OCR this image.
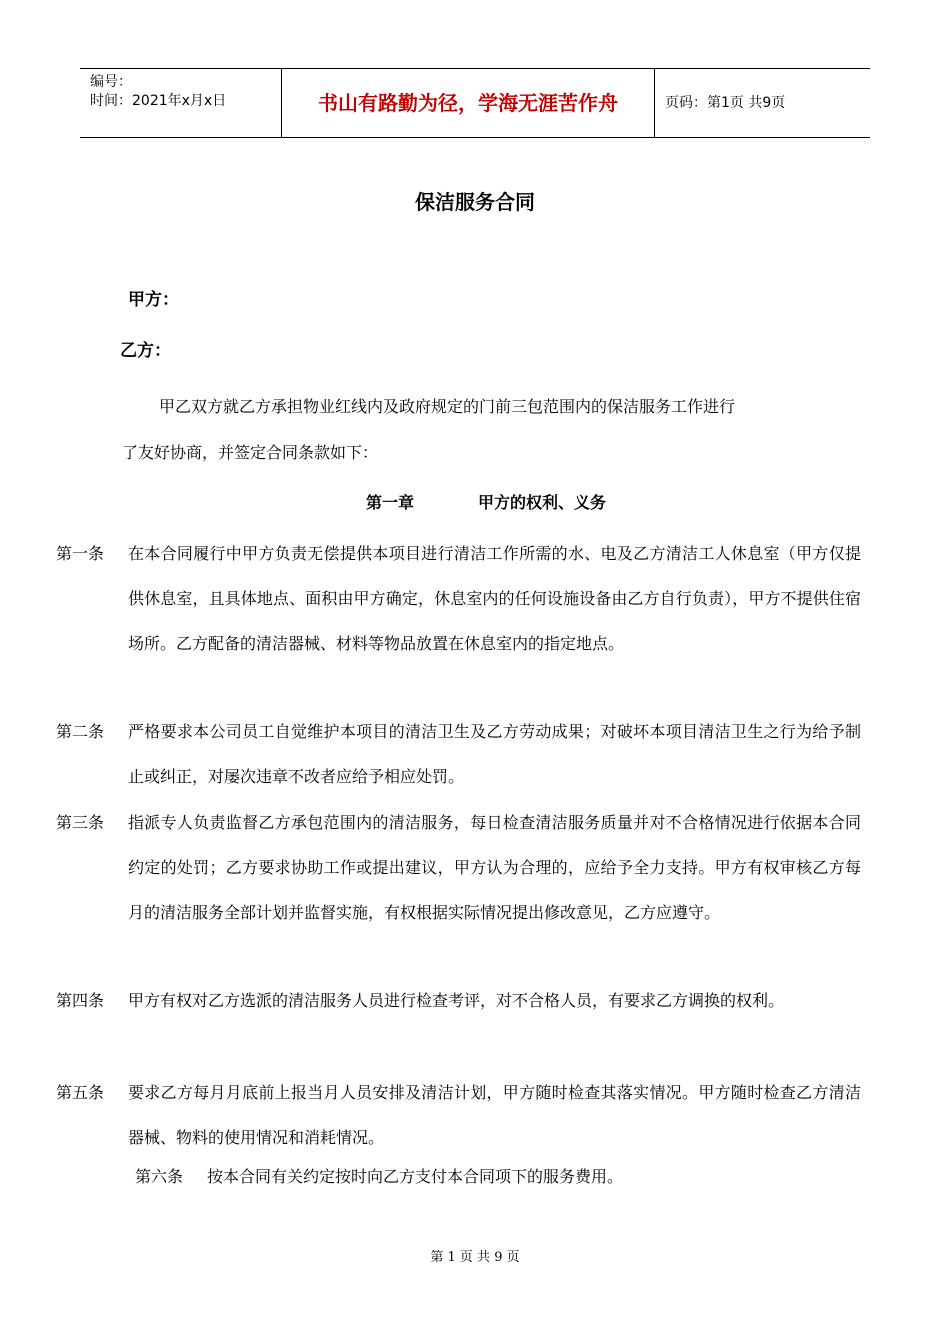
编号：
时间：2021年x月x日	书山有路勤为径，学海无涯苦作舟	页码：第1页 共9页
保洁服务合同
甲方：
乙方：
甲乙双方就乙方承担物业红线内及政府规定的门前三包范围内的保洁服务工作进行
了友好协商，并签定合同条款如下：
第一章	甲方的权利、义务
第一条 在本合同履行中甲方负责无偿提供本项目进行清洁工作所需的水、电及乙方清洁工人休息室（甲方仅提供休息室，且具体地点、面积由甲方确定，休息室内的任何设施设备由乙方自行负责），甲方不提供住宿场所。乙方配备的清洁器械、材料等物品放置在休息室内的指定地点。
第二条 严格要求本公司员工自觉维护本项目的清洁卫生及乙方劳动成果；对破坏本项目清洁卫生之行为给予制止或纠正，对屡次违章不改者应给予相应处罚。
第三条 指派专人负责监督乙方承包范围内的清洁服务，每日检查清洁服务质量并对不合格情况进行依据本合同约定的处罚；乙方要求协助工作或提出建议，甲方认为合理的，应给予全力支持。甲方有权审核乙方每月的清洁服务全部计划并监督实施，有权根据实际情况提出修改意见，乙方应遵守。
第四条 甲方有权对乙方选派的清洁服务人员进行检查考评，对不合格人员，有要求乙方调换的权利。
第五条 要求乙方每月月底前上报当月人员安排及清洁计划，甲方随时检查其落实情况。甲方随时检查乙方清洁器械、物料的使用情况和消耗情况。
第六条 按本合同有关约定按时向乙方支付本合同项下的服务费用。
第 1 页 共 9 页
